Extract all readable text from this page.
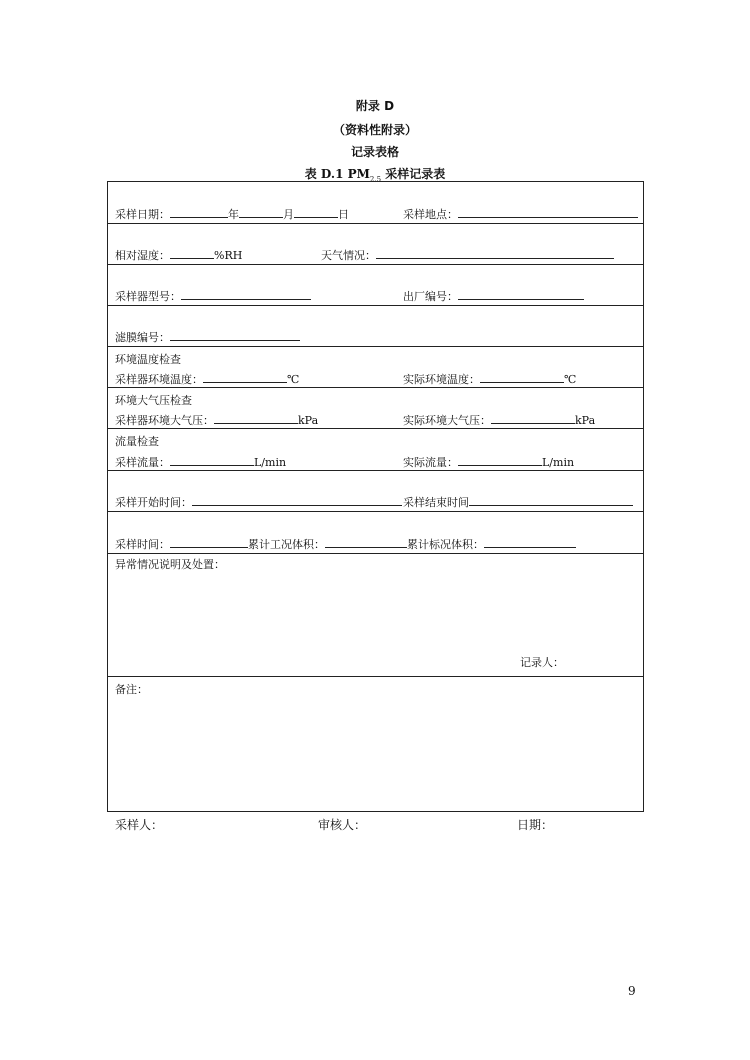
附录 D
（资料性附录）
记录表格
表 D.1 $PM_{2.5}$ 采样记录表
采样日期：	年	月	日	采样地点：
相对湿度：	%RH	天气情况：
采样器型号：	出厂编号：
滤膜编号：
环境温度检查
采样器环境温度：	℃	实际环境温度：	℃
环境大气压检查
采样器环境大气压：	kPa	实际环境大气压：	kPa
流量检查
采样流量：	L/min	实际流量：	L/min
采样开始时间：	采样结束时间
采样时间：	累计工况体积：	累计标况体积：
异常情况说明及处置：
记录人：
备注：
采样人：	审核人：	日期：
9
